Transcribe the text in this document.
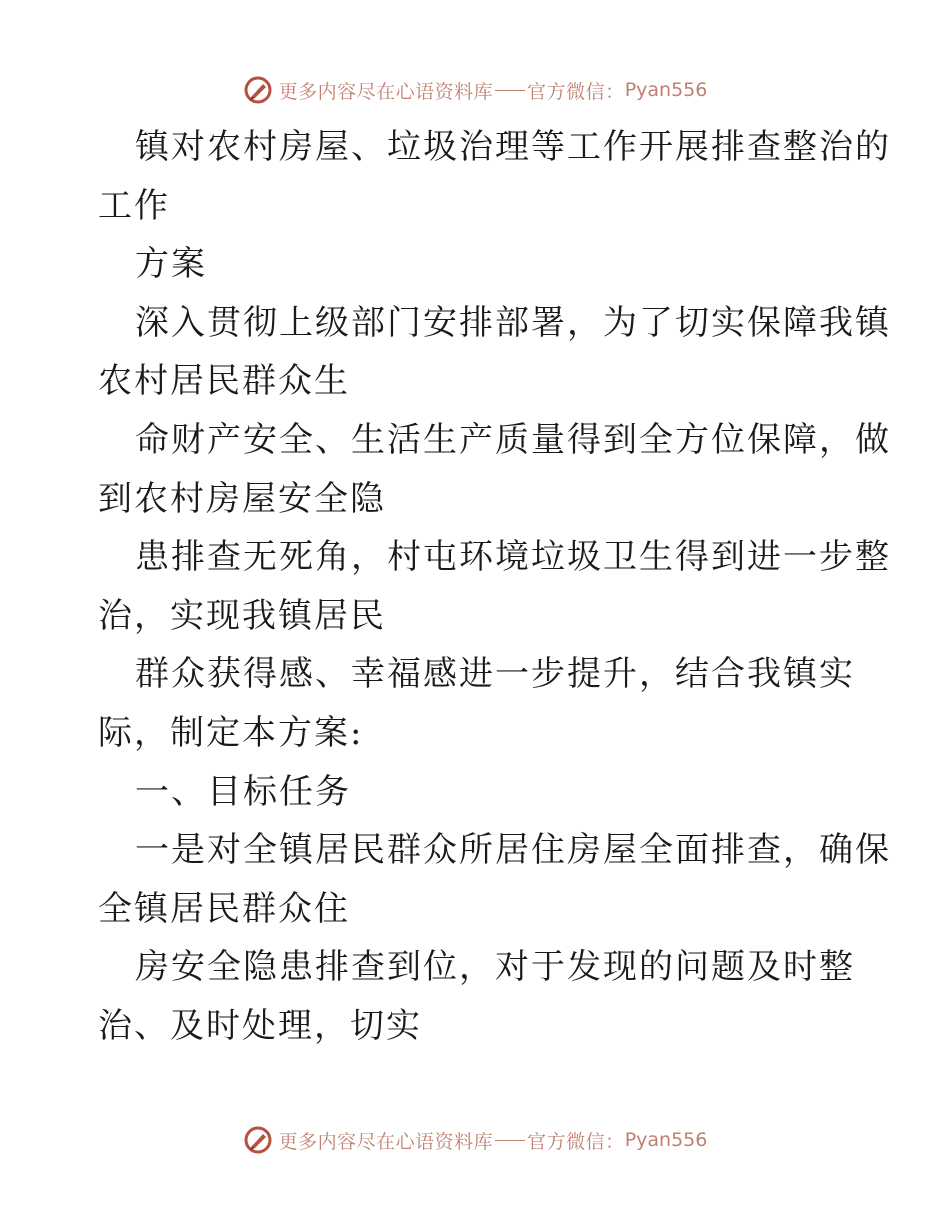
更多内容尽在心语资料库 官方微信： Pyan556
镇对农村房屋、垃圾治理等工作开展排查整治的
工作
方案
深入贯彻上级部门安排部署，为了切实保障我镇
农村居民群众生
命财产安全、生活生产质量得到全方位保障，做
到农村房屋安全隐
患排查无死角，村屯环境垃圾卫生得到进一步整
治，实现我镇居民
群众获得感、幸福感进一步提升，结合我镇实
际，制定本方案:
一、目标任务
一是对全镇居民群众所居住房屋全面排查，确保
全镇居民群众住
房安全隐患排查到位，对于发现的问题及时整
治、及时处理，切实
更多内容尽在心语资料库 官方微信： Pyan556
